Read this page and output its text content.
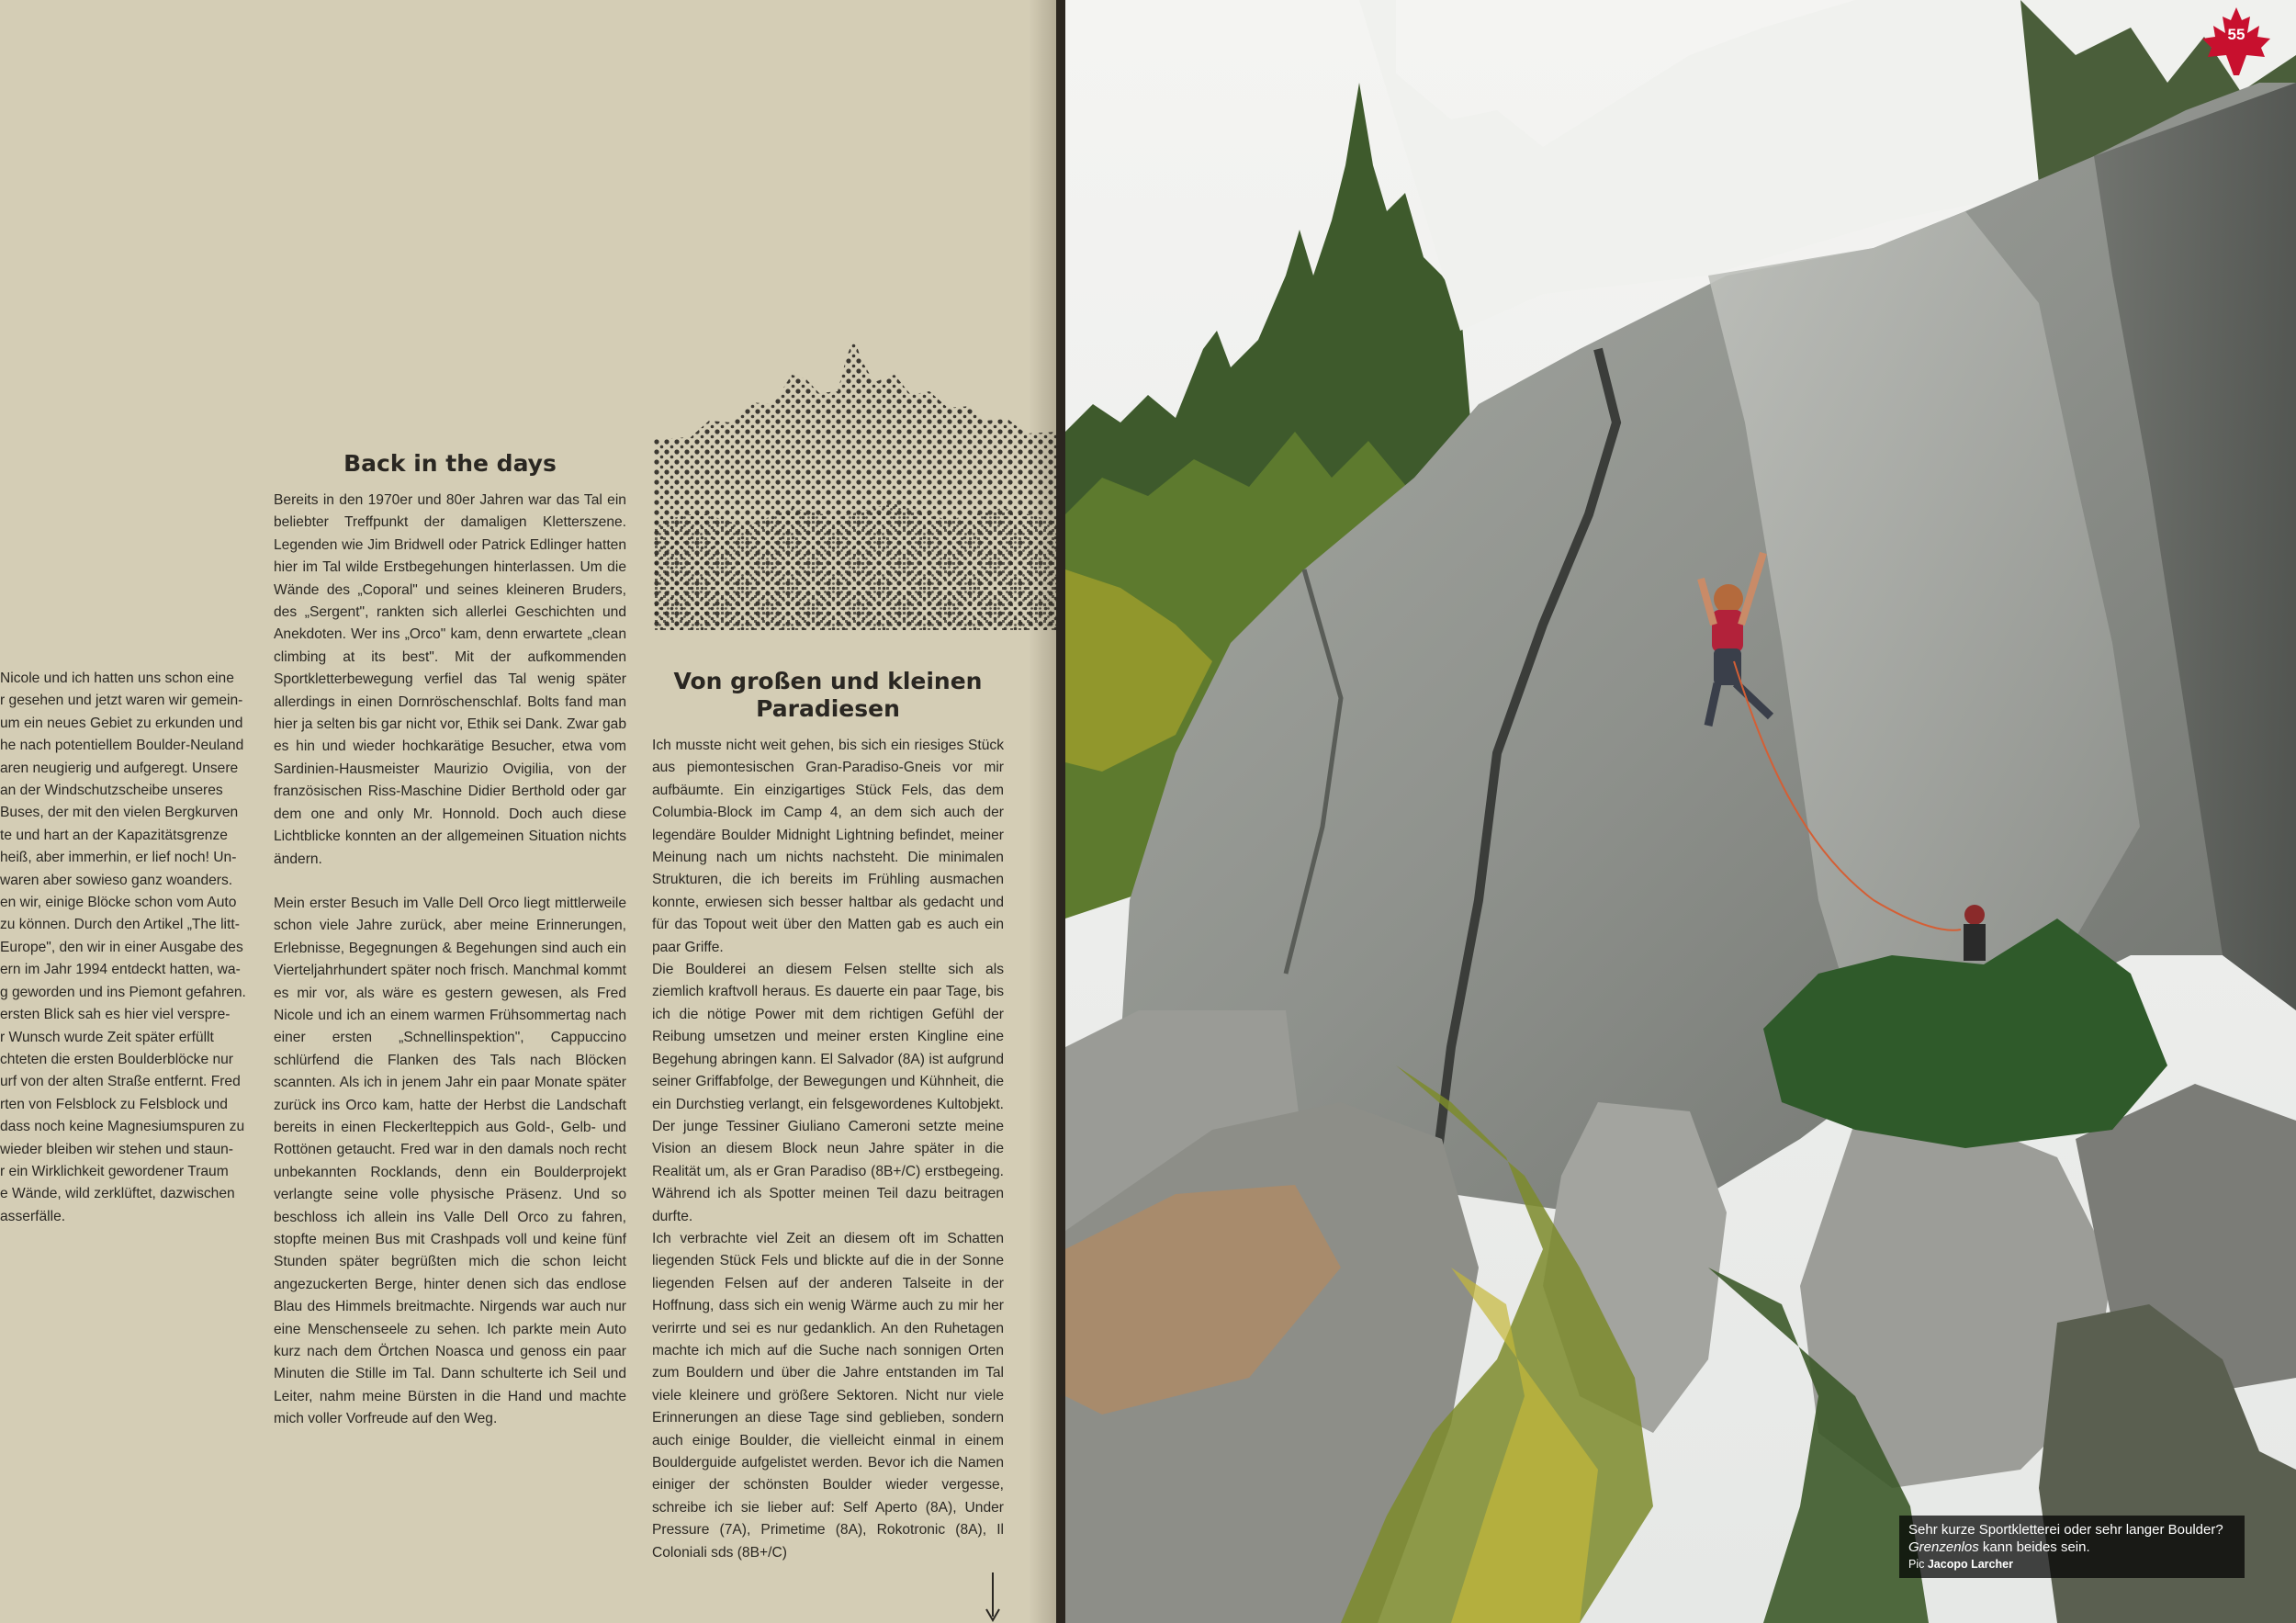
Nicole und ich hatten uns schon eine
r gesehen und jetzt waren wir gemein-
um ein neues Gebiet zu erkunden und
he nach potentiellem Boulder-Neuland
aren neugierig und aufgeregt. Unsere
an der Windschutzscheibe unseres
Buses, der mit den vielen Bergkurven
te und hart an der Kapazitätsgrenze
heiß, aber immerhin, er lief noch! Un-
waren aber sowieso ganz woanders.
en wir, einige Blöcke schon vom Auto
zu können. Durch den Artikel „The litt-
Europe", den wir in einer Ausgabe des
ern im Jahr 1994 entdeckt hatten, wa-
g geworden und ins Piemont gefahren.
ersten Blick sah es hier viel verspre-
r Wunsch wurde Zeit später erfüllt
chteten die ersten Boulderblöcke nur
urf von der alten Straße entfernt. Fred
rten von Felsblock zu Felsblock und
dass noch keine Magnesiumspuren zu
wieder bleiben wir stehen und staun-
r ein Wirklichkeit gewordener Traum
e Wände, wild zerklüftet, dazwischen
asserfälle.

Back in the days

Bereits in den 1970er und 80er Jahren war das Tal ein beliebter Treffpunkt der damaligen Kletterszene. Legenden wie Jim Bridwell oder Patrick Edlinger hatten hier im Tal wilde Erstbegehungen hinterlassen. Um die Wände des „Coporal" und seines kleineren Bruders, des „Sergent", rankten sich allerlei Geschichten und Anekdoten. Wer ins „Orco" kam, denn erwartete „clean climbing at its best". Mit der aufkommenden Sportkletterbewegung verfiel das Tal wenig später allerdings in einen Dornröschenschlaf. Bolts fand man hier ja selten bis gar nicht vor, Ethik sei Dank. Zwar gab es hin und wieder hochkarätige Besucher, etwa vom Sardinien-Hausmeister Maurizio Ovigilia, von der französischen Riss-Maschine Didier Berthold oder gar dem one and only Mr. Honnold. Doch auch diese Lichtblicke konnten an der allgemeinen Situation nichts ändern.

Mein erster Besuch im Valle Dell Orco liegt mittlerweile schon viele Jahre zurück, aber meine Erinnerungen, Erlebnisse, Begegnungen & Begehungen sind auch ein Vierteljahrhundert später noch frisch. Manchmal kommt es mir vor, als wäre es gestern gewesen, als Fred Nicole und ich an einem warmen Frühsommertag nach einer ersten „Schnellinspektion", Cappuccino schlürfend die Flanken des Tals nach Blöcken scannten. Als ich in jenem Jahr ein paar Monate später zurück ins Orco kam, hatte der Herbst die Landschaft bereits in einen Fleckerlteppich aus Gold-, Gelb- und Rottönen getaucht. Fred war in den damals noch recht unbekannten Rocklands, denn ein Boulderprojekt verlangte seine volle physische Präsenz. Und so beschloss ich allein ins Valle Dell Orco zu fahren, stopfte meinen Bus mit Crashpads voll und keine fünf Stunden später begrüßten mich die schon leicht angezuckerten Berge, hinter denen sich das endlose Blau des Himmels breitmachte. Nirgends war auch nur eine Menschenseele zu sehen. Ich parkte mein Auto kurz nach dem Örtchen Noasca und genoss ein paar Minuten die Stille im Tal. Dann schulterte ich Seil und Leiter, nahm meine Bürsten in die Hand und machte mich voller Vorfreude auf den Weg.

Von großen und kleinen
Paradiesen

Ich musste nicht weit gehen, bis sich ein riesiges Stück aus piemontesischen Gran-Paradiso-Gneis vor mir aufbäumte. Ein einzigartiges Stück Fels, das dem Columbia-Block im Camp 4, an dem sich auch der legendäre Boulder Midnight Lightning befindet, meiner Meinung nach um nichts nachsteht. Die minimalen Strukturen, die ich bereits im Frühling ausmachen konnte, erwiesen sich besser haltbar als gedacht und für das Topout weit über den Matten gab es auch ein paar Griffe.

Die Boulderei an diesem Felsen stellte sich als ziemlich kraftvoll heraus. Es dauerte ein paar Tage, bis ich die nötige Power mit dem richtigen Gefühl der Reibung umsetzen und meiner ersten Kingline eine Begehung abringen kann. El Salvador (8A) ist aufgrund seiner Griffabfolge, der Bewegungen und Kühnheit, die ein Durchstieg verlangt, ein felsgewordenes Kultobjekt. Der junge Tessiner Giuliano Cameroni setzte meine Vision an diesem Block neun Jahre später in die Realität um, als er Gran Paradiso (8B+/C) erstbegeing. Während ich als Spotter meinen Teil dazu beitragen durfte.

Ich verbrachte viel Zeit an diesem oft im Schatten liegenden Stück Fels und blickte auf die in der Sonne liegenden Felsen auf der anderen Talseite in der Hoffnung, dass sich ein wenig Wärme auch zu mir her verirrte und sei es nur gedanklich. An den Ruhetagen machte ich mich auf die Suche nach sonnigen Orten zum Bouldern und über die Jahre entstanden im Tal viele kleinere und größere Sektoren. Nicht nur viele Erinnerungen an diese Tage sind geblieben, sondern auch einige Boulder, die vielleicht einmal in einem Boulderguide aufgelistet werden. Bevor ich die Namen einiger der schönsten Boulder wieder vergesse, schreibe ich sie lieber auf: Self Aperto (8A), Under Pressure (7A), Primetime (8A), Rokotronic (8A), Il Coloniali sds (8B+/C)

55
Sehr kurze Sportkletterei oder sehr langer Boulder?
Grenzenlos kann beides sein.
Pic Jacopo Larcher
